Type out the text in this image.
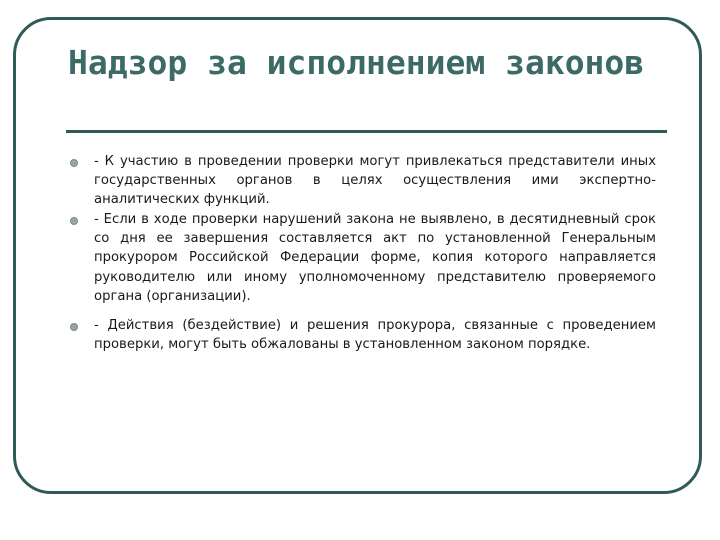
Надзор за исполнением законов
- К участию в проведении проверки могут привлекаться представители иных государственных органов в целях осуществления ими экспертно-аналитических функций.
- Если в ходе проверки нарушений закона не выявлено, в десятидневный срок со дня ее завершения составляется акт по установленной Генеральным прокурором Российской Федерации форме, копия которого направляется руководителю или иному уполномоченному представителю проверяемого органа (организации).
- Действия (бездействие) и решения прокурора, связанные с проведением проверки, могут быть обжалованы в установленном законом порядке.
